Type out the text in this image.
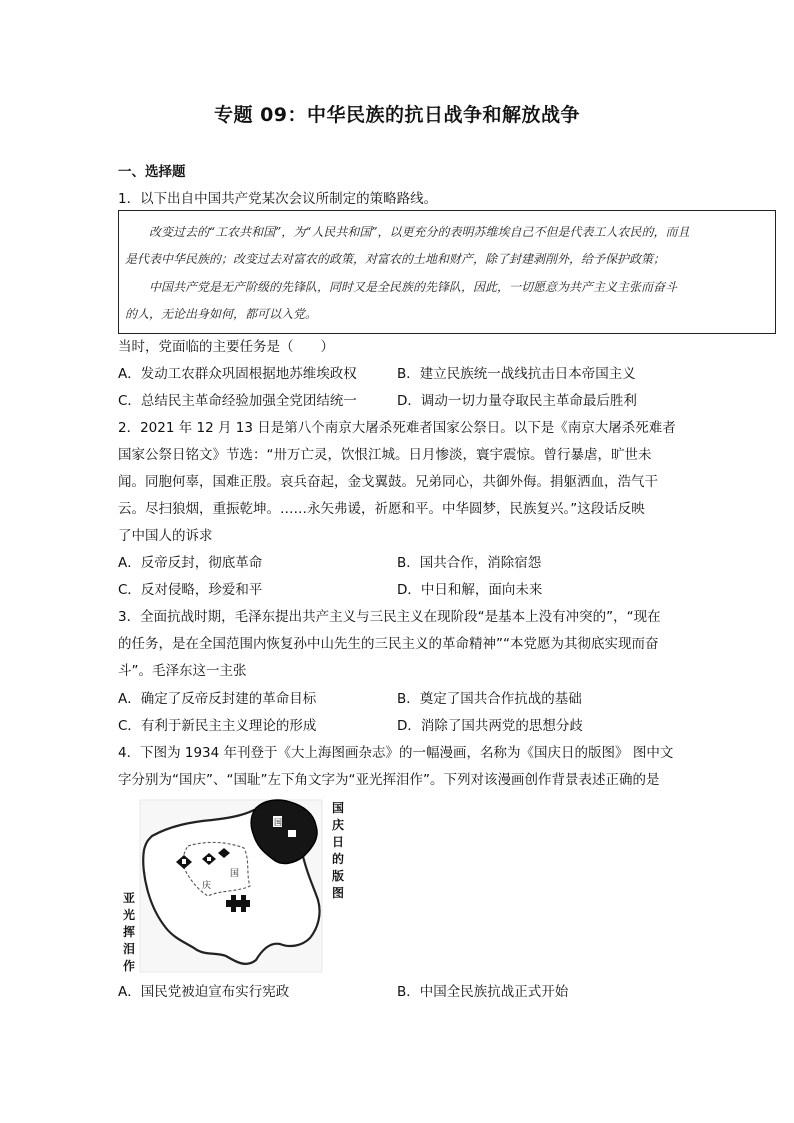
专题 09：中华民族的抗日战争和解放战争
一、选择题
1．以下出自中国共产党某次会议所制定的策略路线。
改变过去的“工农共和国”，为“人民共和国”，以更充分的表明苏维埃自己不但是代表工人农民的，而且
是代表中华民族的；改变过去对富农的政策，对富农的土地和财产，除了封建剥削外，给予保护政策；
中国共产党是无产阶级的先锋队，同时又是全民族的先锋队，因此，一切愿意为共产主义主张而奋斗
的人，无论出身如何，都可以入党。
当时，党面临的主要任务是（　　）
A．发动工农群众巩固根据地苏维埃政权	B．建立民族统一战线抗击日本帝国主义
C．总结民主革命经验加强全党团结统一	D．调动一切力量夺取民主革命最后胜利
2．2021 年 12 月 13 日是第八个南京大屠杀死难者国家公祭日。以下是《南京大屠杀死难者
国家公祭日铭文》节选：“卅万亡灵，饮恨江城。日月惨淡，寰宇震惊。曾行暴虐，旷世未
闻。同胞何辜，国难正殷。哀兵奋起，金戈翼鼓。兄弟同心，共御外侮。捐躯洒血，浩气干
云。尽扫狼烟，重振乾坤。……永矢弗谖，祈愿和平。中华圆梦，民族复兴。”这段话反映
了中国人的诉求
A．反帝反封，彻底革命	B．国共合作，消除宿怨
C．反对侵略，珍爱和平	D．中日和解，面向未来
3．全面抗战时期，毛泽东提出共产主义与三民主义在现阶段“是基本上没有冲突的”，“现在
的任务，是在全国范围内恢复孙中山先生的三民主义的革命精神”“本党愿为其彻底实现而奋
斗”。毛泽东这一主张
A．确定了反帝反封建的革命目标	B．奠定了国共合作抗战的基础
C．有利于新民主主义理论的形成	D．消除了国共两党的思想分歧
4．下图为 1934 年刊登于《大上海图画杂志》的一幅漫画，名称为《国庆日的版图》 图中文
字分别为“国庆”、“国耻”左下角文字为“亚光挥泪作”。下列对该漫画创作背景表述正确的是
国
国
庆
国庆日的版图
亚光挥泪作
A．国民党被迫宣布实行宪政	B．中国全民族抗战正式开始
